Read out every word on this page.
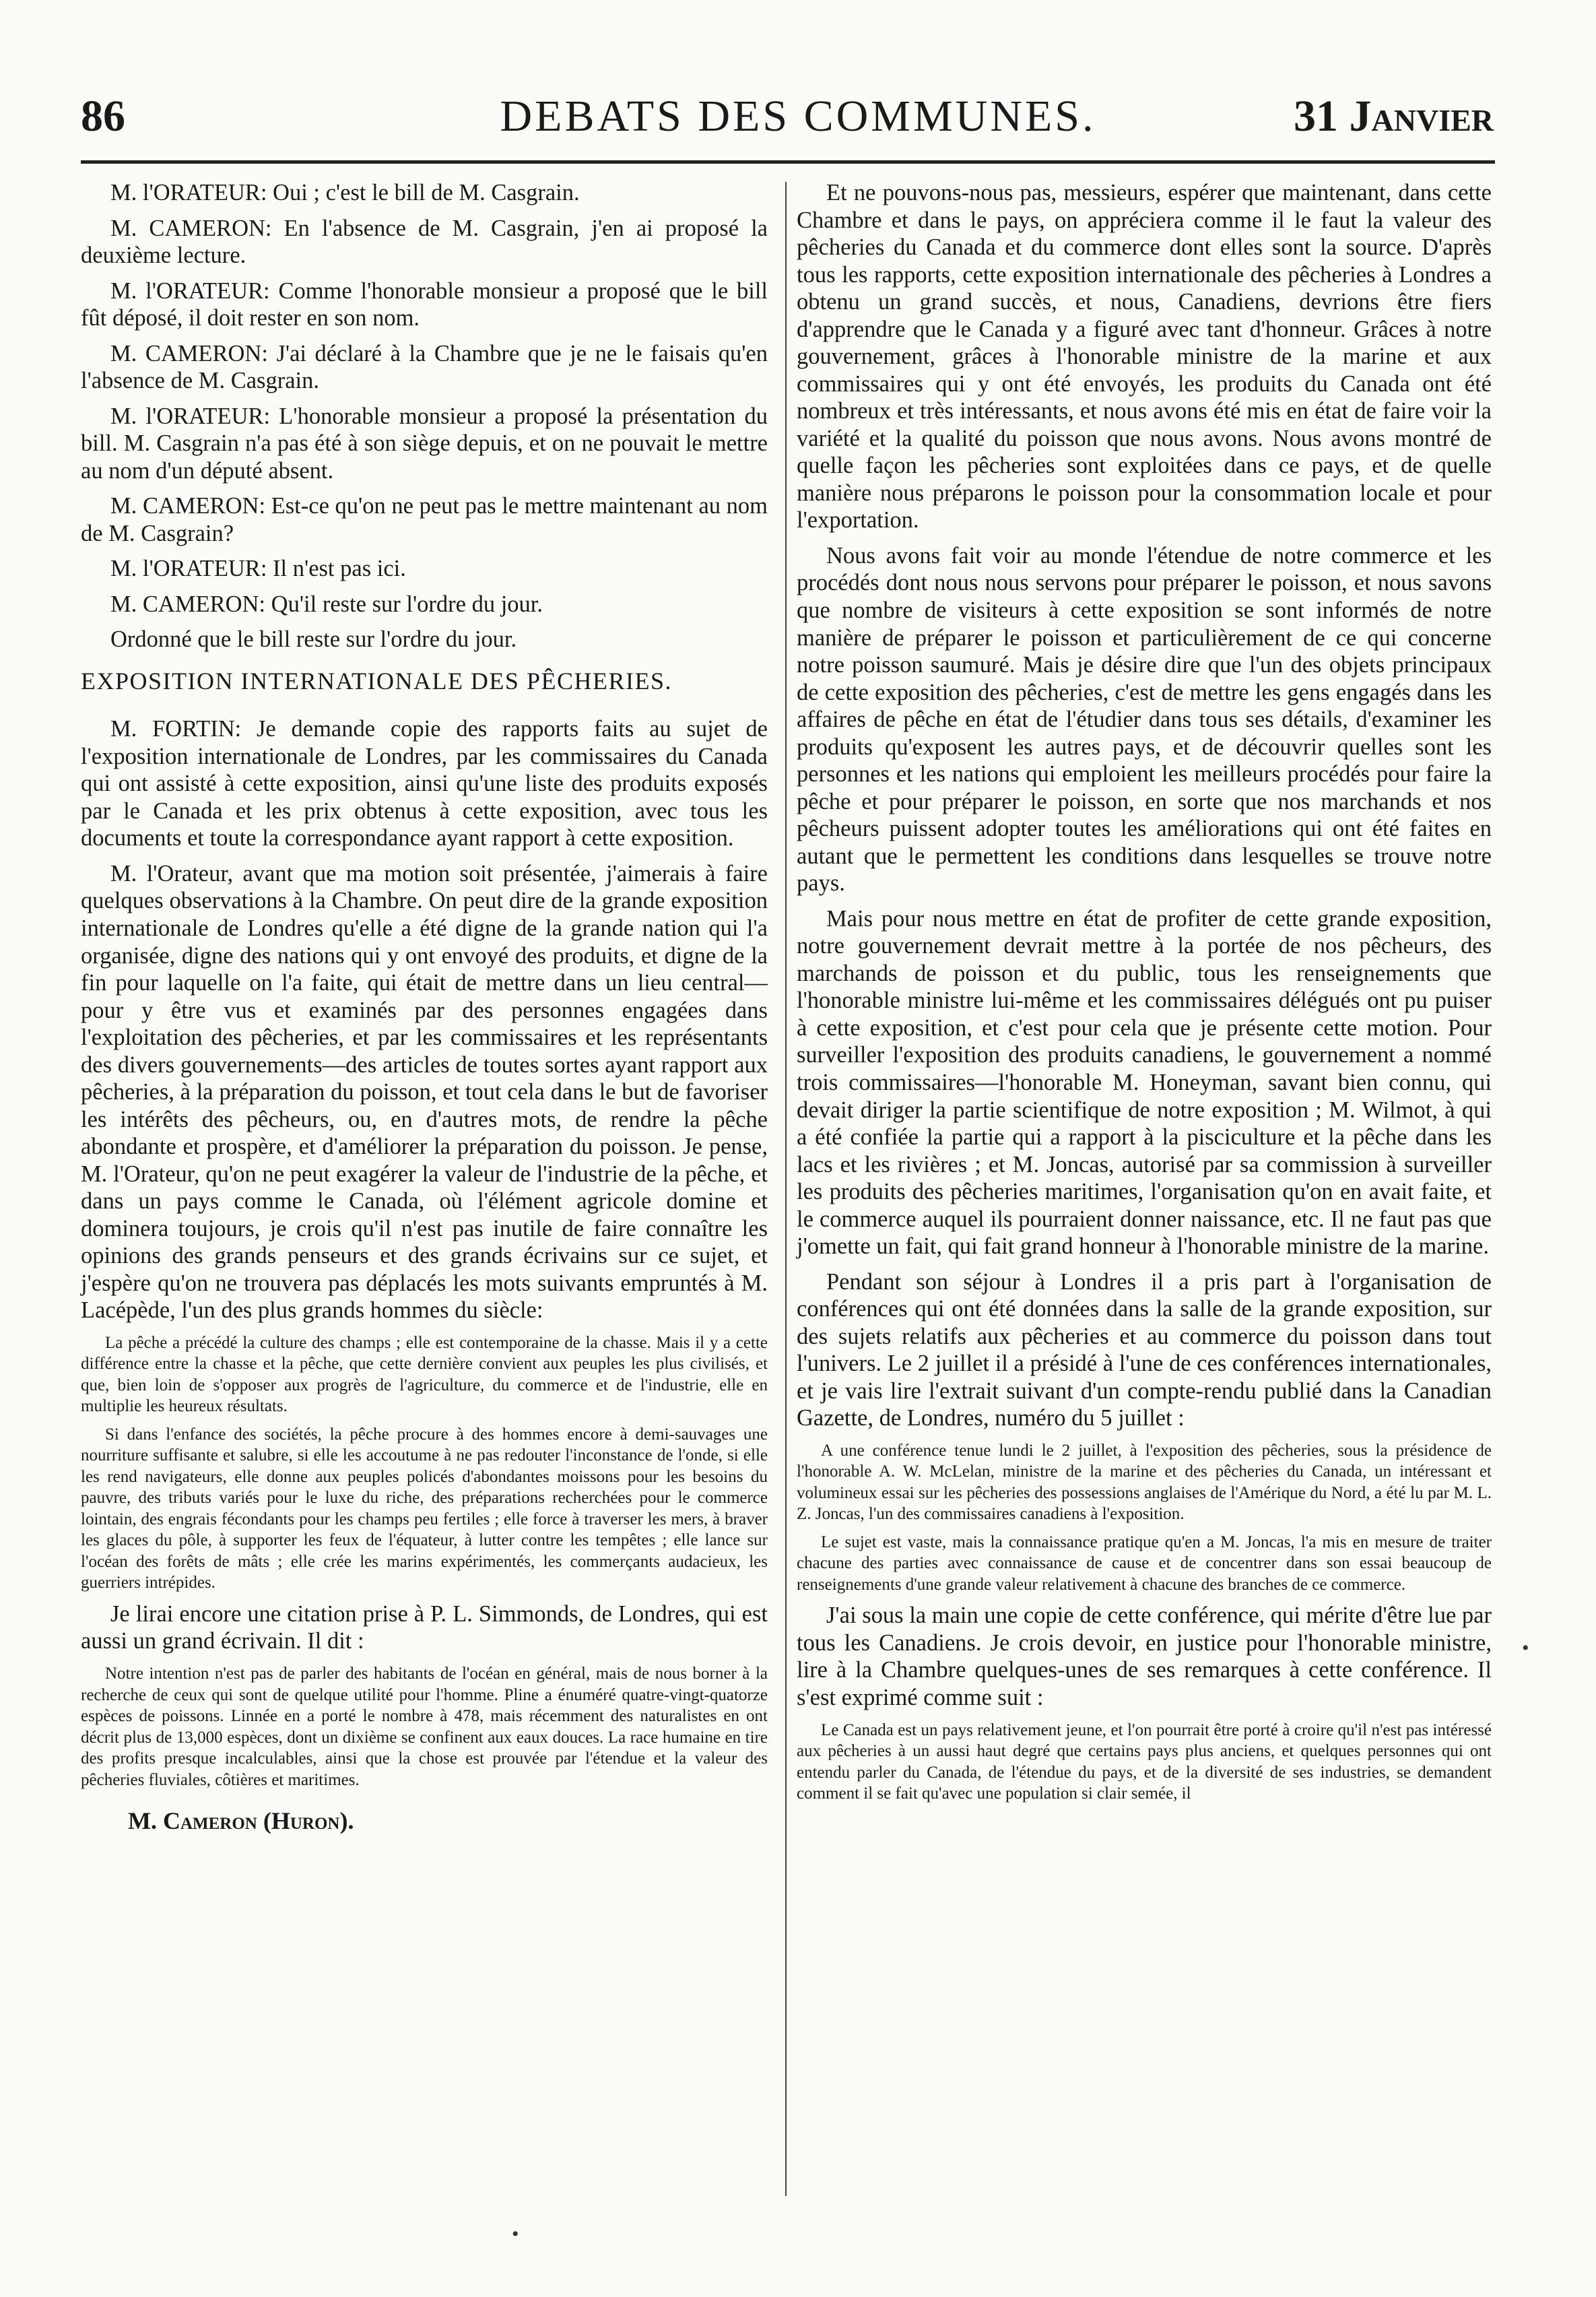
86	DEBATS DES COMMUNES.	31 Janvier

M. l'ORATEUR: Oui ; c'est le bill de M. Casgrain.

M. CAMERON: En l'absence de M. Casgrain, j'en ai proposé la deuxième lecture.

M. l'ORATEUR: Comme l'honorable monsieur a proposé que le bill fût déposé, il doit rester en son nom.

M. CAMERON: J'ai déclaré à la Chambre que je ne le faisais qu'en l'absence de M. Casgrain.

M. l'ORATEUR: L'honorable monsieur a proposé la présentation du bill. M. Casgrain n'a pas été à son siège depuis, et on ne pouvait le mettre au nom d'un député absent.

M. CAMERON: Est-ce qu'on ne peut pas le mettre maintenant au nom de M. Casgrain?

M. l'ORATEUR: Il n'est pas ici.

M. CAMERON: Qu'il reste sur l'ordre du jour.

Ordonné que le bill reste sur l'ordre du jour.

EXPOSITION INTERNATIONALE DES PÊCHERIES.

M. FORTIN: Je demande copie des rapports faits au sujet de l'exposition internationale de Londres, par les commissaires du Canada qui ont assisté à cette exposition, ainsi qu'une liste des produits exposés par le Canada et les prix obtenus à cette exposition, avec tous les documents et toute la correspondance ayant rapport à cette exposition.

M. l'Orateur, avant que ma motion soit présentée, j'aimerais à faire quelques observations à la Chambre. On peut dire de la grande exposition internationale de Londres qu'elle a été digne de la grande nation qui l'a organisée, digne des nations qui y ont envoyé des produits, et digne de la fin pour laquelle on l'a faite, qui était de mettre dans un lieu central—pour y être vus et examinés par des personnes engagées dans l'exploitation des pêcheries, et par les commissaires et les représentants des divers gouvernements—des articles de toutes sortes ayant rapport aux pêcheries, à la préparation du poisson, et tout cela dans le but de favoriser les intérêts des pêcheurs, ou, en d'autres mots, de rendre la pêche abondante et prospère, et d'améliorer la préparation du poisson. Je pense, M. l'Orateur, qu'on ne peut exagérer la valeur de l'industrie de la pêche, et dans un pays comme le Canada, où l'élément agricole domine et dominera toujours, je crois qu'il n'est pas inutile de faire connaître les opinions des grands penseurs et des grands écrivains sur ce sujet, et j'espère qu'on ne trouvera pas déplacés les mots suivants empruntés à M. Lacépède, l'un des plus grands hommes du siècle:

La pêche a précédé la culture des champs ; elle est contemporaine de la chasse. Mais il y a cette différence entre la chasse et la pêche, que cette dernière convient aux peuples les plus civilisés, et que, bien loin de s'opposer aux progrès de l'agriculture, du commerce et de l'industrie, elle en multiplie les heureux résultats.

Si dans l'enfance des sociétés, la pêche procure à des hommes encore à demi-sauvages une nourriture suffisante et salubre, si elle les accoutume à ne pas redouter l'inconstance de l'onde, si elle les rend navigateurs, elle donne aux peuples policés d'abondantes moissons pour les besoins du pauvre, des tributs variés pour le luxe du riche, des préparations recherchées pour le commerce lointain, des engrais fécondants pour les champs peu fertiles ; elle force à traverser les mers, à braver les glaces du pôle, à supporter les feux de l'équateur, à lutter contre les tempêtes ; elle lance sur l'océan des forêts de mâts ; elle crée les marins expérimentés, les commerçants audacieux, les guerriers intrépides.

Je lirai encore une citation prise à P. L. Simmonds, de Londres, qui est aussi un grand écrivain. Il dit :

Notre intention n'est pas de parler des habitants de l'océan en général, mais de nous borner à la recherche de ceux qui sont de quelque utilité pour l'homme. Pline a énuméré quatre-vingt-quatorze espèces de poissons. Linnée en a porté le nombre à 478, mais récemment des naturalistes en ont décrit plus de 13,000 espèces, dont un dixième se confinent aux eaux douces. La race humaine en tire des profits presque incalculables, ainsi que la chose est prouvée par l'étendue et la valeur des pêcheries fluviales, côtières et maritimes.

M. Cameron (Huron).

Et ne pouvons-nous pas, messieurs, espérer que maintenant, dans cette Chambre et dans le pays, on appréciera comme il le faut la valeur des pêcheries du Canada et du commerce dont elles sont la source. D'après tous les rapports, cette exposition internationale des pêcheries à Londres a obtenu un grand succès, et nous, Canadiens, devrions être fiers d'apprendre que le Canada y a figuré avec tant d'honneur. Grâces à notre gouvernement, grâces à l'honorable ministre de la marine et aux commissaires qui y ont été envoyés, les produits du Canada ont été nombreux et très intéressants, et nous avons été mis en état de faire voir la variété et la qualité du poisson que nous avons. Nous avons montré de quelle façon les pêcheries sont exploitées dans ce pays, et de quelle manière nous préparons le poisson pour la consommation locale et pour l'exportation.

Nous avons fait voir au monde l'étendue de notre commerce et les procédés dont nous nous servons pour préparer le poisson, et nous savons que nombre de visiteurs à cette exposition se sont informés de notre manière de préparer le poisson et particulièrement de ce qui concerne notre poisson saumuré. Mais je désire dire que l'un des objets principaux de cette exposition des pêcheries, c'est de mettre les gens engagés dans les affaires de pêche en état de l'étudier dans tous ses détails, d'examiner les produits qu'exposent les autres pays, et de découvrir quelles sont les personnes et les nations qui emploient les meilleurs procédés pour faire la pêche et pour préparer le poisson, en sorte que nos marchands et nos pêcheurs puissent adopter toutes les améliorations qui ont été faites en autant que le permettent les conditions dans lesquelles se trouve notre pays.

Mais pour nous mettre en état de profiter de cette grande exposition, notre gouvernement devrait mettre à la portée de nos pêcheurs, des marchands de poisson et du public, tous les renseignements que l'honorable ministre lui-même et les commissaires délégués ont pu puiser à cette exposition, et c'est pour cela que je présente cette motion. Pour surveiller l'exposition des produits canadiens, le gouvernement a nommé trois commissaires—l'honorable M. Honeyman, savant bien connu, qui devait diriger la partie scientifique de notre exposition ; M. Wilmot, à qui a été confiée la partie qui a rapport à la pisciculture et la pêche dans les lacs et les rivières ; et M. Joncas, autorisé par sa commission à surveiller les produits des pêcheries maritimes, l'organisation qu'on en avait faite, et le commerce auquel ils pourraient donner naissance, etc. Il ne faut pas que j'omette un fait, qui fait grand honneur à l'honorable ministre de la marine.

Pendant son séjour à Londres il a pris part à l'organisation de conférences qui ont été données dans la salle de la grande exposition, sur des sujets relatifs aux pêcheries et au commerce du poisson dans tout l'univers. Le 2 juillet il a présidé à l'une de ces conférences internationales, et je vais lire l'extrait suivant d'un compte-rendu publié dans la Canadian Gazette, de Londres, numéro du 5 juillet :

A une conférence tenue lundi le 2 juillet, à l'exposition des pêcheries, sous la présidence de l'honorable A. W. McLelan, ministre de la marine et des pêcheries du Canada, un intéressant et volumineux essai sur les pêcheries des possessions anglaises de l'Amérique du Nord, a été lu par M. L. Z. Joncas, l'un des commissaires canadiens à l'exposition.

Le sujet est vaste, mais la connaissance pratique qu'en a M. Joncas, l'a mis en mesure de traiter chacune des parties avec connaissance de cause et de concentrer dans son essai beaucoup de renseignements d'une grande valeur relativement à chacune des branches de ce commerce.

J'ai sous la main une copie de cette conférence, qui mérite d'être lue par tous les Canadiens. Je crois devoir, en justice pour l'honorable ministre, lire à la Chambre quelques-unes de ses remarques à cette conférence. Il s'est exprimé comme suit :

Le Canada est un pays relativement jeune, et l'on pourrait être porté à croire qu'il n'est pas intéressé aux pêcheries à un aussi haut degré que certains pays plus anciens, et quelques personnes qui ont entendu parler du Canada, de l'étendue du pays, et de la diversité de ses industries, se demandent comment il se fait qu'avec une population si clair semée, il

•
•
